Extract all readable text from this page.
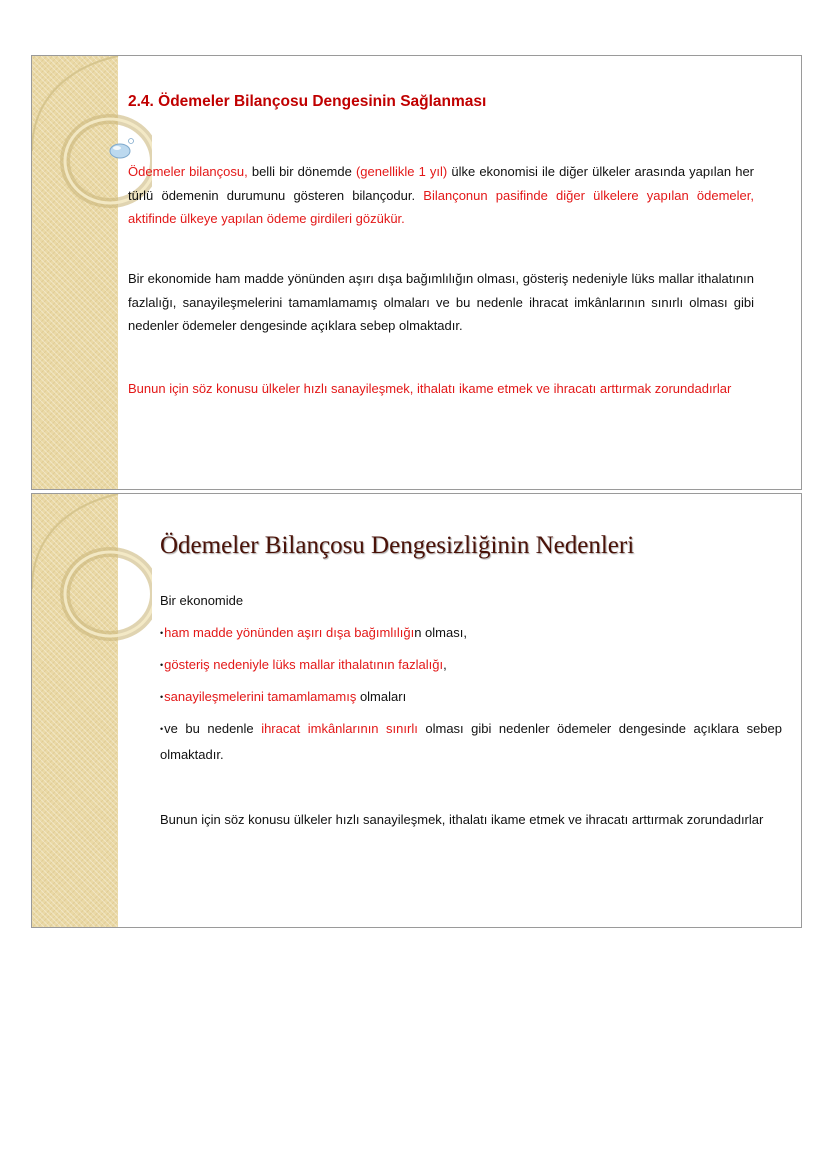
2.4. Ödemeler Bilançosu Dengesinin Sağlanması

Ödemeler bilançosu, belli bir dönemde (genellikle 1 yıl) ülke ekonomisi ile diğer ülkeler arasında yapılan her türlü ödemenin durumunu gösteren bilançodur. Bilançonun pasifinde diğer ülkelere yapılan ödemeler, aktifinde ülkeye yapılan ödeme girdileri gözükür.

Bir ekonomide ham madde yönünden aşırı dışa bağımlılığın olması, gösteriş nedeniyle lüks mallar ithalatının fazlalığı, sanayileşmelerini tamamlamamış olmaları ve bu nedenle ihracat imkânlarının sınırlı olması gibi nedenler ödemeler dengesinde açıklara sebep olmaktadır.

Bunun için söz konusu ülkeler hızlı sanayileşmek, ithalatı ikame etmek ve ihracatı arttırmak zorundadırlar

Ödemeler Bilançosu Dengesizliğinin Nedenleri

Bir ekonomide

•ham madde yönünden aşırı dışa bağımlılığın olması,

•gösteriş nedeniyle lüks mallar ithalatının fazlalığı,

•sanayileşmelerini tamamlamamış olmaları

•ve bu nedenle ihracat imkânlarının sınırlı olması gibi nedenler ödemeler dengesinde açıklara sebep olmaktadır.

Bunun için söz konusu ülkeler hızlı sanayileşmek, ithalatı ikame etmek ve ihracatı arttırmak zorundadırlar
